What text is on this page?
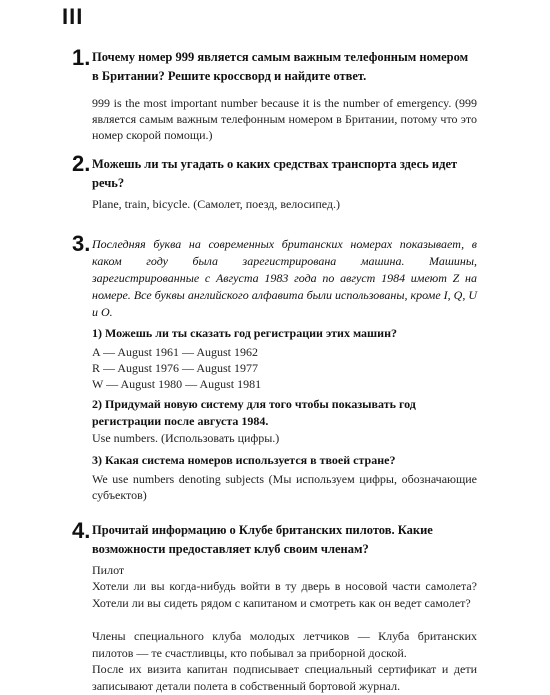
III
1. Почему номер 999 является самым важным телефонным номером в Британии? Решите кроссворд и найдите ответ.
999 is the most important number because it is the number of emergency. (999 является самым важным телефонным номером в Британии, потому что это номер скорой помощи.)
2. Можешь ли ты угадать о каких средствах транспорта здесь идет речь?
Plane, train, bicycle. (Самолет, поезд, велосипед.)
3. Последняя буква на современных британских номерах показывает, в каком году была зарегистрирована машина. Машины, зарегистрированные с Августа 1983 года по август 1984 имеют Z на номере. Все буквы английского алфавита были использованы, кроме I, Q, U и O.
1) Можешь ли ты сказать год регистрации этих машин?
A — August 1961 — August 1962
R — August 1976 — August 1977
W — August 1980 — August 1981
2) Придумай новую систему для того чтобы показывать год регистрации после августа 1984.
Use numbers. (Использовать цифры.)
3) Какая система номеров используется в твоей стране?
We use numbers denoting subjects (Мы используем цифры, обозначающие субъектов)
4. Прочитай информацию о Клубе британских пилотов. Какие возможности предоставляет клуб своим членам?
Пилот
Хотели ли вы когда-нибудь войти в ту дверь в носовой части самолета? Хотели ли вы сидеть рядом с капитаном и смотреть как он ведет самолет?
Члены специального клуба молодых летчиков — Клуба британских пилотов — те счастливцы, кто побывал за приборной доской.
После их визита капитан подписывает специальный сертификат и дети записывают детали полета в собственный бортовой журнал.
